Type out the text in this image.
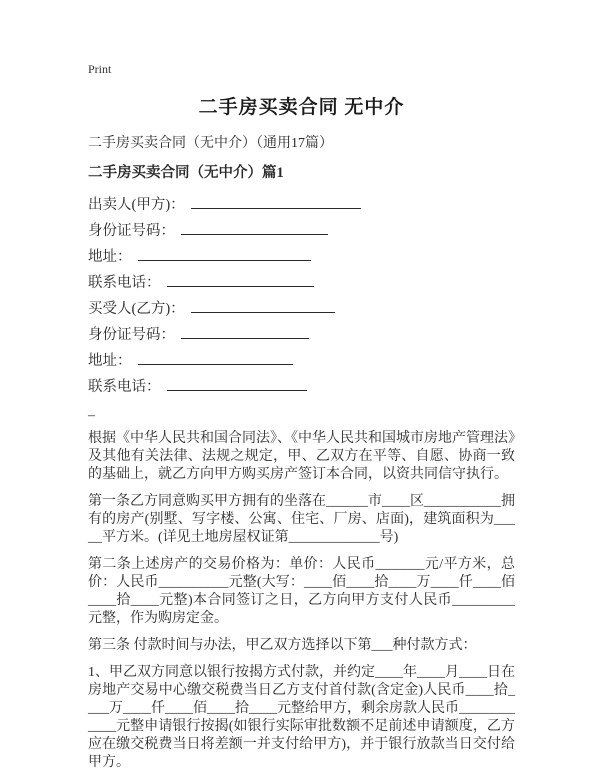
Print
二手房买卖合同 无中介
二手房买卖合同（无中介）（通用17篇）
二手房买卖合同（无中介）篇1
出卖人(甲方)：
身份证号码：
地址：
联系电话：
买受人(乙方)：
身份证号码：
地址：
联系电话：
–

根据《中华人民共和国合同法》、《中华人民共和国城市房地产管理法》及其他有关法律、法规之规定，甲、乙双方在平等、自愿、协商一致的基础上，就乙方向甲方购买房产签订本合同，以资共同信守执行。

第一条乙方同意购买甲方拥有的坐落在______市____区___________拥有的房产(别墅、写字楼、公寓、住宅、厂房、店面)，建筑面积为_____平方米。(详见土地房屋权证第_____________号)

第二条上述房产的交易价格为：单价：人民币_______元/平方米，总价：人民币__________元整(大写：____佰____拾____万____仟____佰____拾____元整)本合同签订之日，乙方向甲方支付人民币_________元整，作为购房定金。

第三条 付款时间与办法，甲乙双方选择以下第___种付款方式：

1、甲乙双方同意以银行按揭方式付款，并约定____年____月____日在房地产交易中心缴交税费当日乙方支付首付款(含定金)人民币____拾____万____仟____佰____拾____元整给甲方，剩余房款人民币____________元整申请银行按揭(如银行实际审批数额不足前述申请额度，乙方应在缴交税费当日将差额一并支付给甲方)，并于银行放款当日交付给甲方。
